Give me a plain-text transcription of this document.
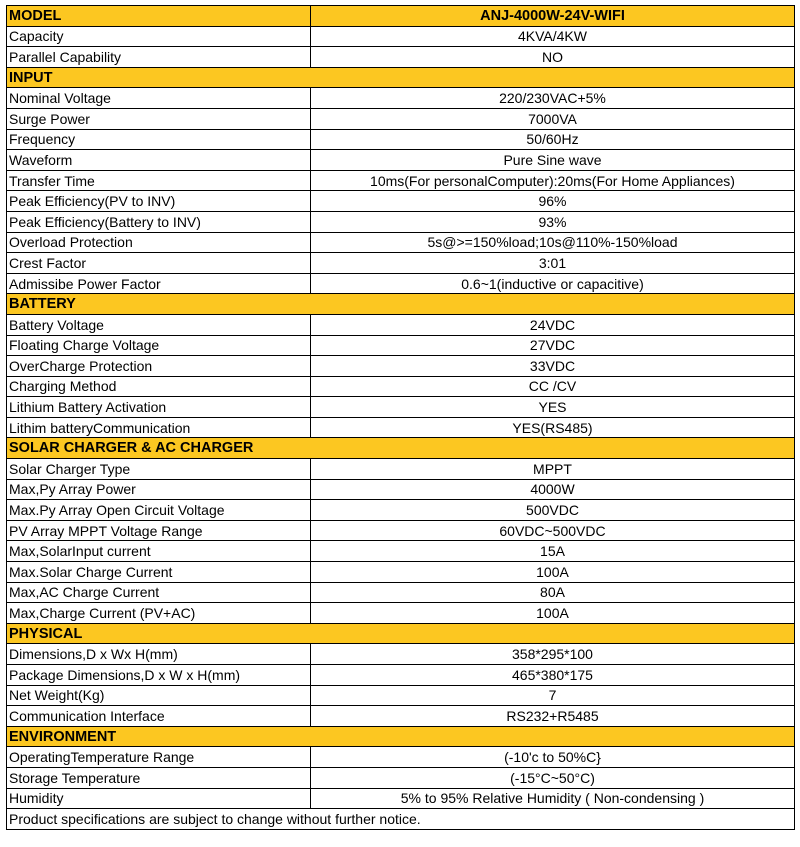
MODEL	ANJ-4000W-24V-WIFI
Capacity	4KVA/4KW
Parallel Capability	NO
INPUT	
Nominal Voltage	220/230VAC+5%
Surge Power	7000VA
Frequency	50/60Hz
Waveform	Pure Sine wave
Transfer Time	10ms(For personalComputer):20ms(For Home Appliances)
Peak Efficiency(PV to INV)	96%
Peak Efficiency(Battery to INV)	93%
Overload Protection	5s@>=150%load;10s@110%-150%load
Crest Factor	3:01
Admissibe Power Factor	0.6~1(inductive or capacitive)
BATTERY	
Battery Voltage	24VDC
Floating Charge Voltage	27VDC
OverCharge Protection	33VDC
Charging Method	CC /CV
Lithium Battery Activation	YES
Lithim batteryCommunication	YES(RS485)
SOLAR CHARGER & AC CHARGER	
Solar Charger Type	MPPT
Max,Py Array Power	4000W
Max.Py Array Open Circuit Voltage	500VDC
PV Array MPPT Voltage Range	60VDC~500VDC
Max,SolarInput current	15A
Max.Solar Charge Current	100A
Max,AC Charge Current	80A
Max,Charge Current (PV+AC)	100A
PHYSICAL	
Dimensions,D x Wx H(mm)	358*295*100
Package Dimensions,D x W x H(mm)	465*380*175
Net Weight(Kg)	7
Communication Interface	RS232+R5485
ENVIRONMENT	
OperatingTemperature Range	(-10'c to 50%C}
Storage Temperature	(-15°C~50°C)
Humidity	5% to 95% Relative Humidity ( Non-condensing )
Product specifications are subject to change without further notice.	
